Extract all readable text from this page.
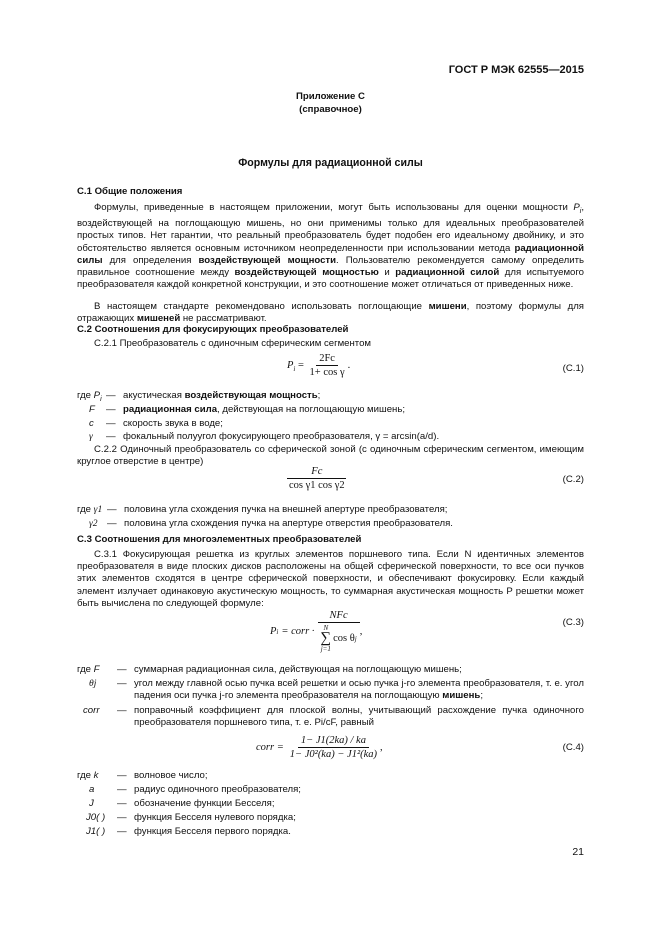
ГОСТ Р МЭК 62555—2015
Приложение С
(справочное)
Формулы для радиационной силы
С.1 Общие положения
Формулы, приведенные в настоящем приложении, могут быть использованы для оценки мощности $P_i$, воздействующей на поглощающую мишень, но они применимы только для идеальных преобразователей простых типов. Нет гарантии, что реальный преобразователь будет подобен его идеальному двойнику, и это обстоятельство является основным источником неопределенности при использовании метода радиационной силы для определения воздействующей мощности. Пользователю рекомендуется самому определить правильное соотношение между воздействующей мощностью и радиационной силой для испытуемого преобразователя каждой конкретной конструкции, и это соотношение может отличаться от приведенных ниже.
В настоящем стандарте рекомендовано использовать поглощающие мишени, поэтому формулы для отражающих мишеней не рассматривают.
С.2 Соотношения для фокусирующих преобразователей
С.2.1 Преобразователь с одиночным сферическим сегментом
$P_i = \frac{2Fc}{\text{1+ cos γ}}$ .	(С.1)
где $P_i$ — акустическая воздействующая мощность;
F — радиационная сила, действующая на поглощающую мишень;
c — скорость звука в воде;
γ — фокальный полуугол фокусирующего преобразователя, γ = arcsin(a/d).
С.2.2 Одиночный преобразователь со сферической зоной (с одиночным сферическим сегментом, имеющим круглое отверстие в центре)
$\frac{Fc}{\text{cos γ1 cos γ2}}$	(С.2)
где γ1 — половина угла схождения пучка на внешней апертуре преобразователя;
γ2 — половина угла схождения пучка на апертуре отверстия преобразователя.
С.3 Соотношения для многоэлементных преобразователей
С.3.1 Фокусирующая решетка из круглых элементов поршневого типа. Если N идентичных элементов преобразователя в виде плоских дисков расположены на общей сферической поверхности, то все оси пучков этих элементов сходятся в центре сферической поверхности, и обеспечивают фокусировку. Если каждый элемент излучает одинаковую акустическую мощность, то суммарная акустическая мощность P решетки может быть вычислена по следующей формуле:
P i = corr · NFc
N
∑
j=1
cos θ j ,
(С.3)
где F — суммарная радиационная сила, действующая на поглощающую мишень;
θj — угол между главной осью пучка всей решетки и осью пучка j-го элемента преобразователя, т. е. угол падения оси пучка j-го элемента преобразователя на поглощающую мишень;
corr — поправочный коэффициент для плоской волны, учитывающий расхождение пучка одиночного преобразователя поршневого типа, т. е. Pi/cF, равный
corr = $\frac{1- J1(2ka) / ka}{\text{1− J0²(ka) − J1²(ka)}}$ ,	(С.4)
где k — волновое число;
a — радиус одиночного преобразователя;
J — обозначение функции Бесселя;
J0( ) — функция Бесселя нулевого порядка;
J1( ) — функция Бесселя первого порядка.
21
